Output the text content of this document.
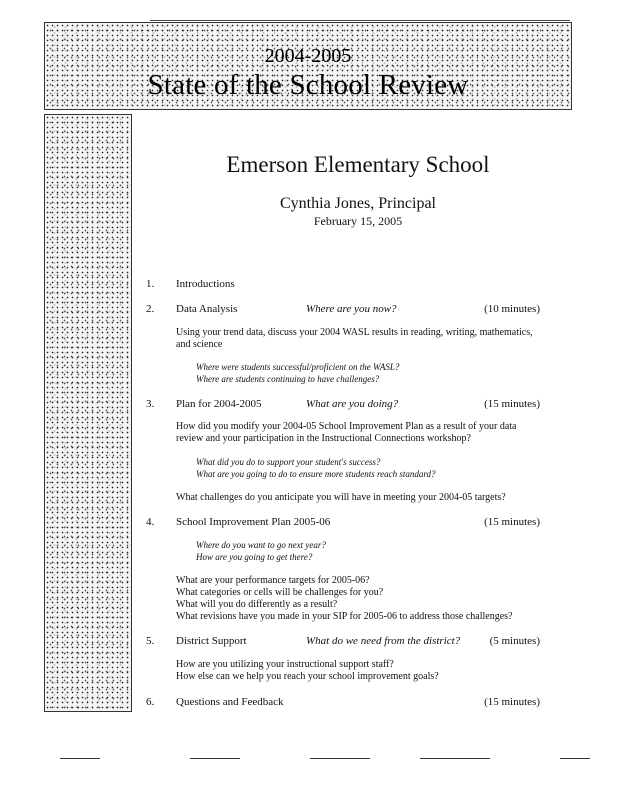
2004-2005
State of the School Review
Emerson Elementary School
Cynthia Jones, Principal
February 15, 2005
1. Introductions
2. Data Analysis	Where are you now?	(10 minutes)
Using your trend data, discuss your 2004 WASL results in reading, writing, mathematics, and science
Where were students successful/proficient on the WASL?
Where are students continuing to have challenges?
3. Plan for 2004-2005	What are you doing?	(15 minutes)
How did you modify your 2004-05 School Improvement Plan as a result of your data review and your participation in the Instructional Connections workshop?
What did you do to support your student's success?
What are you going to do to ensure more students reach standard?
What challenges do you anticipate you will have in meeting your 2004-05 targets?
4. School Improvement Plan 2005-06	(15 minutes)
Where do you want to go next year?
How are you going to get there?
What are your performance targets for 2005-06?
What categories or cells will be challenges for you?
What will you do differently as a result?
What revisions have you made in your SIP for 2005-06 to address those challenges?
5. District Support	What do we need from the district?	(5 minutes)
How are you utilizing your instructional support staff?
How else can we help you reach your school improvement goals?
6. Questions and Feedback	(15 minutes)
